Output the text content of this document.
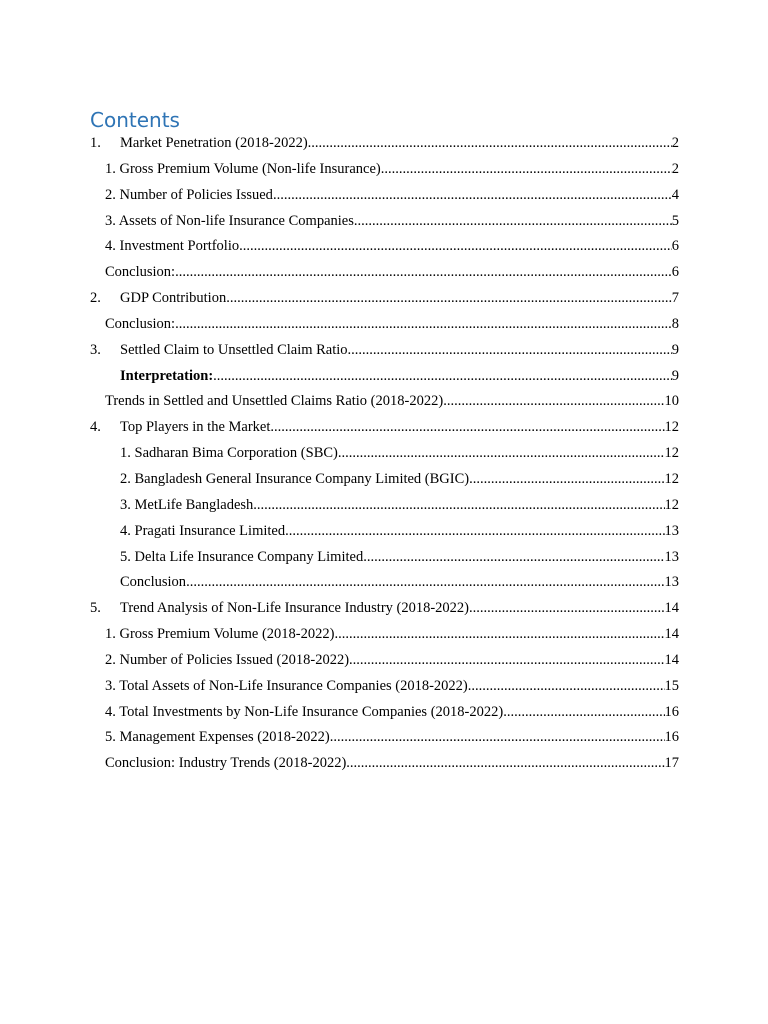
Contents
1.	Market Penetration (2018-2022) .....	2
1. Gross Premium Volume (Non-life Insurance) .....	2
2. Number of Policies Issued .....	4
3. Assets of Non-life Insurance Companies .....	5
4. Investment Portfolio .....	6
Conclusion: .....	6
2.	GDP Contribution .....	7
Conclusion: .....	8
3.	Settled Claim to Unsettled Claim Ratio .....	9
Interpretation: .....	9
Trends in Settled and Unsettled Claims Ratio (2018-2022) .....	10
4.	Top Players in the Market .....	12
1. Sadharan Bima Corporation (SBC) .....	12
2. Bangladesh General Insurance Company Limited (BGIC) .....	12
3. MetLife Bangladesh .....	12
4. Pragati Insurance Limited .....	13
5. Delta Life Insurance Company Limited .....	13
Conclusion .....	13
5.	Trend Analysis of Non-Life Insurance Industry (2018-2022) .....	14
1. Gross Premium Volume (2018-2022) .....	14
2. Number of Policies Issued (2018-2022) .....	14
3. Total Assets of Non-Life Insurance Companies (2018-2022) .....	15
4. Total Investments by Non-Life Insurance Companies (2018-2022) .....	16
5. Management Expenses (2018-2022) .....	16
Conclusion: Industry Trends (2018-2022) .....	17
